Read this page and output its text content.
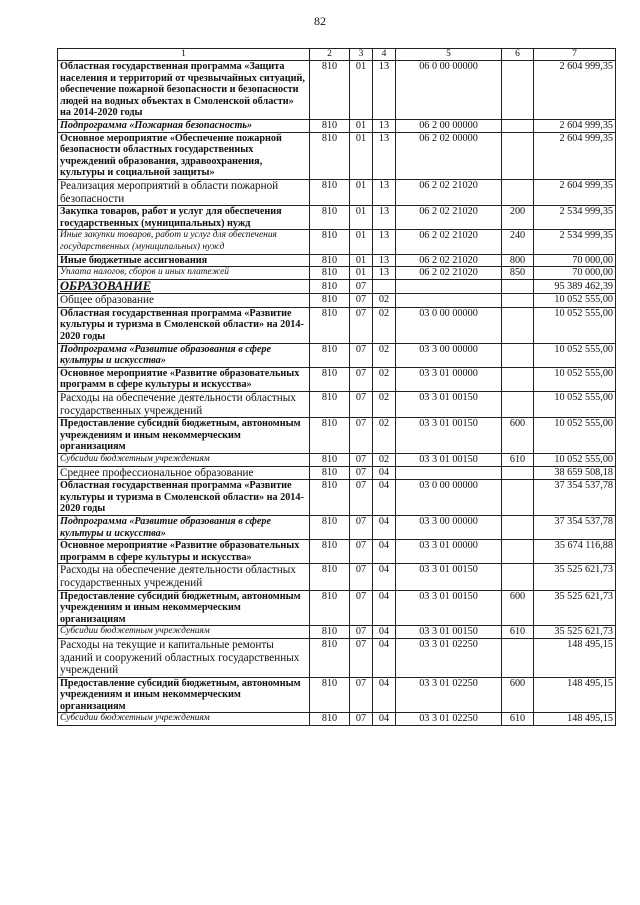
82
1	2	3	4	5	6	7
Областная государственная программа «Защита населения и территорий от чрезвычайных ситуаций, обеспечение пожарной безопасности и безопасности людей на водных объектах в Смоленской области» на 2014-2020 годы	810	01	13	06 0 00 00000		2 604 999,35
Подпрограмма «Пожарная безопасность»	810	01	13	06 2 00 00000		2 604 999,35
Основное мероприятие «Обеспечение пожарной безопасности областных государственных учреждений образования, здравоохранения, культуры и социальной защиты»	810	01	13	06 2 02 00000		2 604 999,35
Реализация мероприятий в области пожарной безопасности	810	01	13	06 2 02 21020		2 604 999,35
Закупка товаров, работ и услуг для обеспечения государственных (муниципальных) нужд	810	01	13	06 2 02 21020	200	2 534 999,35
Иные закупки товаров, работ и услуг для обеспечения государственных (муниципальных) нужд	810	01	13	06 2 02 21020	240	2 534 999,35
Иные бюджетные ассигнования	810	01	13	06 2 02 21020	800	70 000,00
Уплата налогов, сборов и иных платежей	810	01	13	06 2 02 21020	850	70 000,00
ОБРАЗОВАНИЕ	810	07				95 389 462,39
Общее образование	810	07	02			10 052 555,00
Областная государственная программа «Развитие культуры и туризма в Смоленской области» на 2014-2020 годы	810	07	02	03 0 00 00000		10 052 555,00
Подпрограмма «Развитие образования в сфере культуры и искусства»	810	07	02	03 3 00 00000		10 052 555,00
Основное мероприятие «Развитие образовательных программ в сфере культуры и искусства»	810	07	02	03 3 01 00000		10 052 555,00
Расходы на обеспечение деятельности областных государственных учреждений	810	07	02	03 3 01 00150		10 052 555,00
Предоставление субсидий бюджетным, автономным учреждениям и иным некоммерческим организациям	810	07	02	03 3 01 00150	600	10 052 555,00
Субсидии бюджетным учреждениям	810	07	02	03 3 01 00150	610	10 052 555,00
Среднее профессиональное образование	810	07	04			38 659 508,18
Областная государственная программа «Развитие культуры и туризма в Смоленской области» на 2014-2020 годы	810	07	04	03 0 00 00000		37 354 537,78
Подпрограмма «Развитие образования в сфере культуры и искусства»	810	07	04	03 3 00 00000		37 354 537,78
Основное мероприятие «Развитие образовательных программ в сфере культуры и искусства»	810	07	04	03 3 01 00000		35 674 116,88
Расходы на обеспечение деятельности областных государственных учреждений	810	07	04	03 3 01 00150		35 525 621,73
Предоставление субсидий бюджетным, автономным учреждениям и иным некоммерческим организациям	810	07	04	03 3 01 00150	600	35 525 621,73
Субсидии бюджетным учреждениям	810	07	04	03 3 01 00150	610	35 525 621,73
Расходы на текущие и капитальные ремонты зданий и сооружений областных государственных учреждений	810	07	04	03 3 01 02250		148 495,15
Предоставление субсидий бюджетным, автономным учреждениям и иным некоммерческим организациям	810	07	04	03 3 01 02250	600	148 495,15
Субсидии бюджетным учреждениям	810	07	04	03 3 01 02250	610	148 495,15
